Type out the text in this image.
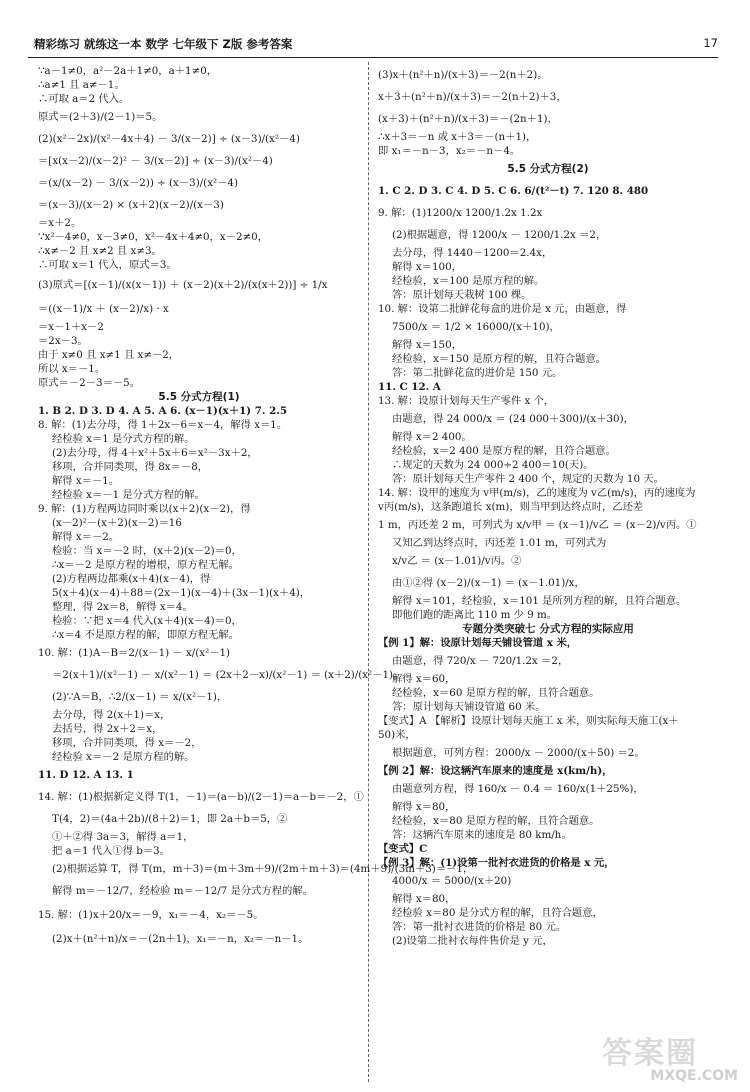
精彩练习 就练这一本 数学 七年级下 Z版 参考答案	17
∵a－1≠0，a²－2a＋1≠0，a＋1≠0，
∴a≠1 且 a≠－1。
∴可取 a＝2 代入。
原式＝(2＋3)/(2－1)＝5。
(2)(x²－2x)/(x²－4x＋4) － 3/(x－2)] ÷ (x－3)/(x²－4)
＝[x(x－2)/(x－2)² － 3/(x－2)] ÷ (x－3)/(x²－4)
＝(x/(x－2) － 3/(x－2)) ÷ (x－3)/(x²－4)
＝(x－3)/(x－2) × (x＋2)(x－2)/(x－3)
＝x＋2。
∵x²－4≠0，x－3≠0，x²－4x＋4≠0，x－2≠0，
∴x≠－2 且 x≠2 且 x≠3。
∴可取 x＝1 代入，原式＝3。
(3)原式＝[(x－1)/(x(x－1)) ＋ (x－2)(x＋2)/(x(x＋2))] ÷ 1/x
＝((x－1)/x ＋ (x－2)/x) · x
＝x－1＋x－2
＝2x－3。
由于 x≠0 且 x≠1 且 x≠－2，
所以 x＝－1。
原式＝－2－3＝－5。
5.5 分式方程(1)
1. B 2. D 3. D 4. A 5. A 6. (x－1)(x＋1) 7. 2.5
8. 解：(1)去分母，得 1＋2x－6＝x－4，解得 x＝1。
经检验 x＝1 是分式方程的解。
(2)去分母，得 4＋x²＋5x＋6＝x²－3x＋2，
移项，合并同类项，得 8x＝－8，
解得 x＝－1。
经检验 x＝－1 是分式方程的解。
9. 解：(1)方程两边同时乘以(x＋2)(x－2)，得
(x－2)²－(x＋2)(x－2)＝16
解得 x＝－2。
检验：当 x＝－2 时，(x＋2)(x－2)＝0，
∴x＝－2 是原方程的增根，原方程无解。
(2)方程两边都乘(x＋4)(x－4)，得
5(x＋4)(x－4)＋88＝(2x－1)(x－4)＋(3x－1)(x＋4)，
整理，得 2x＝8，解得 x＝4。
检验：∵把 x＝4 代入(x＋4)(x－4)＝0，
∴x＝4 不是原方程的解，即原方程无解。
10. 解：(1)A－B＝2/(x－1) － x/(x²－1)
＝2(x＋1)/(x²－1) － x/(x²－1) ＝ (2x＋2－x)/(x²－1) ＝ (x＋2)/(x²－1)。
(2)∵A＝B，∴2/(x－1) ＝ x/(x²－1)，
去分母，得 2(x＋1)＝x，
去括号，得 2x＋2＝x，
移项，合并同类项，得 x＝－2，
经检验 x＝－2 是原方程的解。
11. D 12. A 13. 1
14. 解：(1)根据新定义得 T(1，－1)＝(a－b)/(2－1)＝a－b＝－2，①
T(4，2)＝(4a＋2b)/(8＋2)＝1，即 2a＋b＝5，②
①＋②得 3a＝3，解得 a＝1，
把 a＝1 代入①得 b＝3。
(2)根据运算 T，得 T(m，m＋3)＝(m＋3m＋9)/(2m＋m＋3)＝(4m＋9)/(3m＋3)＝－1，
解得 m＝－12/7，经检验 m＝－12/7 是分式方程的解。
15. 解：(1)x＋20/x＝－9，x₁＝－4，x₂＝－5。
(2)x＋(n²＋n)/x＝－(2n＋1)，x₁＝－n，x₂＝－n－1。
(3)x＋(n²＋n)/(x＋3)＝－2(n＋2)。
x＋3＋(n²＋n)/(x＋3)＝－2(n＋2)＋3，
(x＋3)＋(n²＋n)/(x＋3)＝－(2n＋1)，
∴x＋3＝－n 或 x＋3＝－(n＋1)，
即 x₁＝－n－3，x₂＝－n－4。
5.5 分式方程(2)
1. C 2. D 3. C 4. D 5. C 6. 6/(t²－t) 7. 120 8. 480
9. 解：(1)1200/x 1200/1.2x 1.2x
(2)根据题意，得 1200/x － 1200/1.2x ＝2，
去分母，得 1440－1200＝2.4x，
解得 x＝100，
经检验，x＝100 是原方程的解。
答：原计划每天栽树 100 棵。
10. 解：设第二批鲜花每盒的进价是 x 元，由题意，得
7500/x ＝ 1/2 × 16000/(x＋10)，
解得 x＝150，
经检验，x＝150 是原方程的解，且符合题意。
答：第二批鲜花盒的进价是 150 元。
11. C 12. A
13. 解：设原计划每天生产零件 x 个，
由题意，得 24 000/x ＝ (24 000＋300)/(x＋30)，
解得 x＝2 400。
经检验，x＝2 400 是原方程的解，且符合题意。
∴规定的天数为 24 000÷2 400＝10(天)。
答：原计划每天生产零件 2 400 个，规定的天数为 10 天。
14. 解：设甲的速度为 v甲(m/s)，乙的速度为 v乙(m/s)，丙的速度为
v丙(m/s)，这条跑道长 x(m)，则当甲到达终点时，乙还差
1 m，丙还差 2 m，可列式为 x/v甲 ＝ (x－1)/v乙 ＝ (x－2)/v丙。①
又知乙到达终点时，丙还差 1.01 m，可列式为
x/v乙 ＝ (x－1.01)/v丙。②
由①②得 (x－2)/(x－1) ＝ (x－1.01)/x，
解得 x＝101，经检验，x＝101 是所列方程的解，且符合题意。
即他们跑的距离比 110 m 少 9 m。
专题分类突破七 分式方程的实际应用
【例 1】解：设原计划每天铺设管道 x 米，
由题意，得 720/x － 720/1.2x ＝2，
解得 x＝60，
经检验，x＝60 是原方程的解，且符合题意。
答：原计划每天铺设管道 60 米。
【变式】A 【解析】设原计划每天施工 x 米，则实际每天施工(x＋
50)米，
根据题意，可列方程：2000/x － 2000/(x＋50) ＝2。
【例 2】解：设这辆汽车原来的速度是 x(km/h)，
由题意列方程，得 160/x － 0.4 ＝ 160/x(1＋25%)，
解得 x＝80，
经检验，x＝80 是原方程的解，且符合题意。
答：这辆汽车原来的速度是 80 km/h。
【变式】C
【例 3】解：(1)设第一批衬衣进货的价格是 x 元，
4000/x ＝ 5000/(x＋20)
解得 x＝80，
经检验 x＝80 是分式方程的解，且符合题意，
答：第一批衬衣进货的价格是 80 元。
(2)设第二批衬衣每件售价是 y 元，
答案圈
MXQE.COM
